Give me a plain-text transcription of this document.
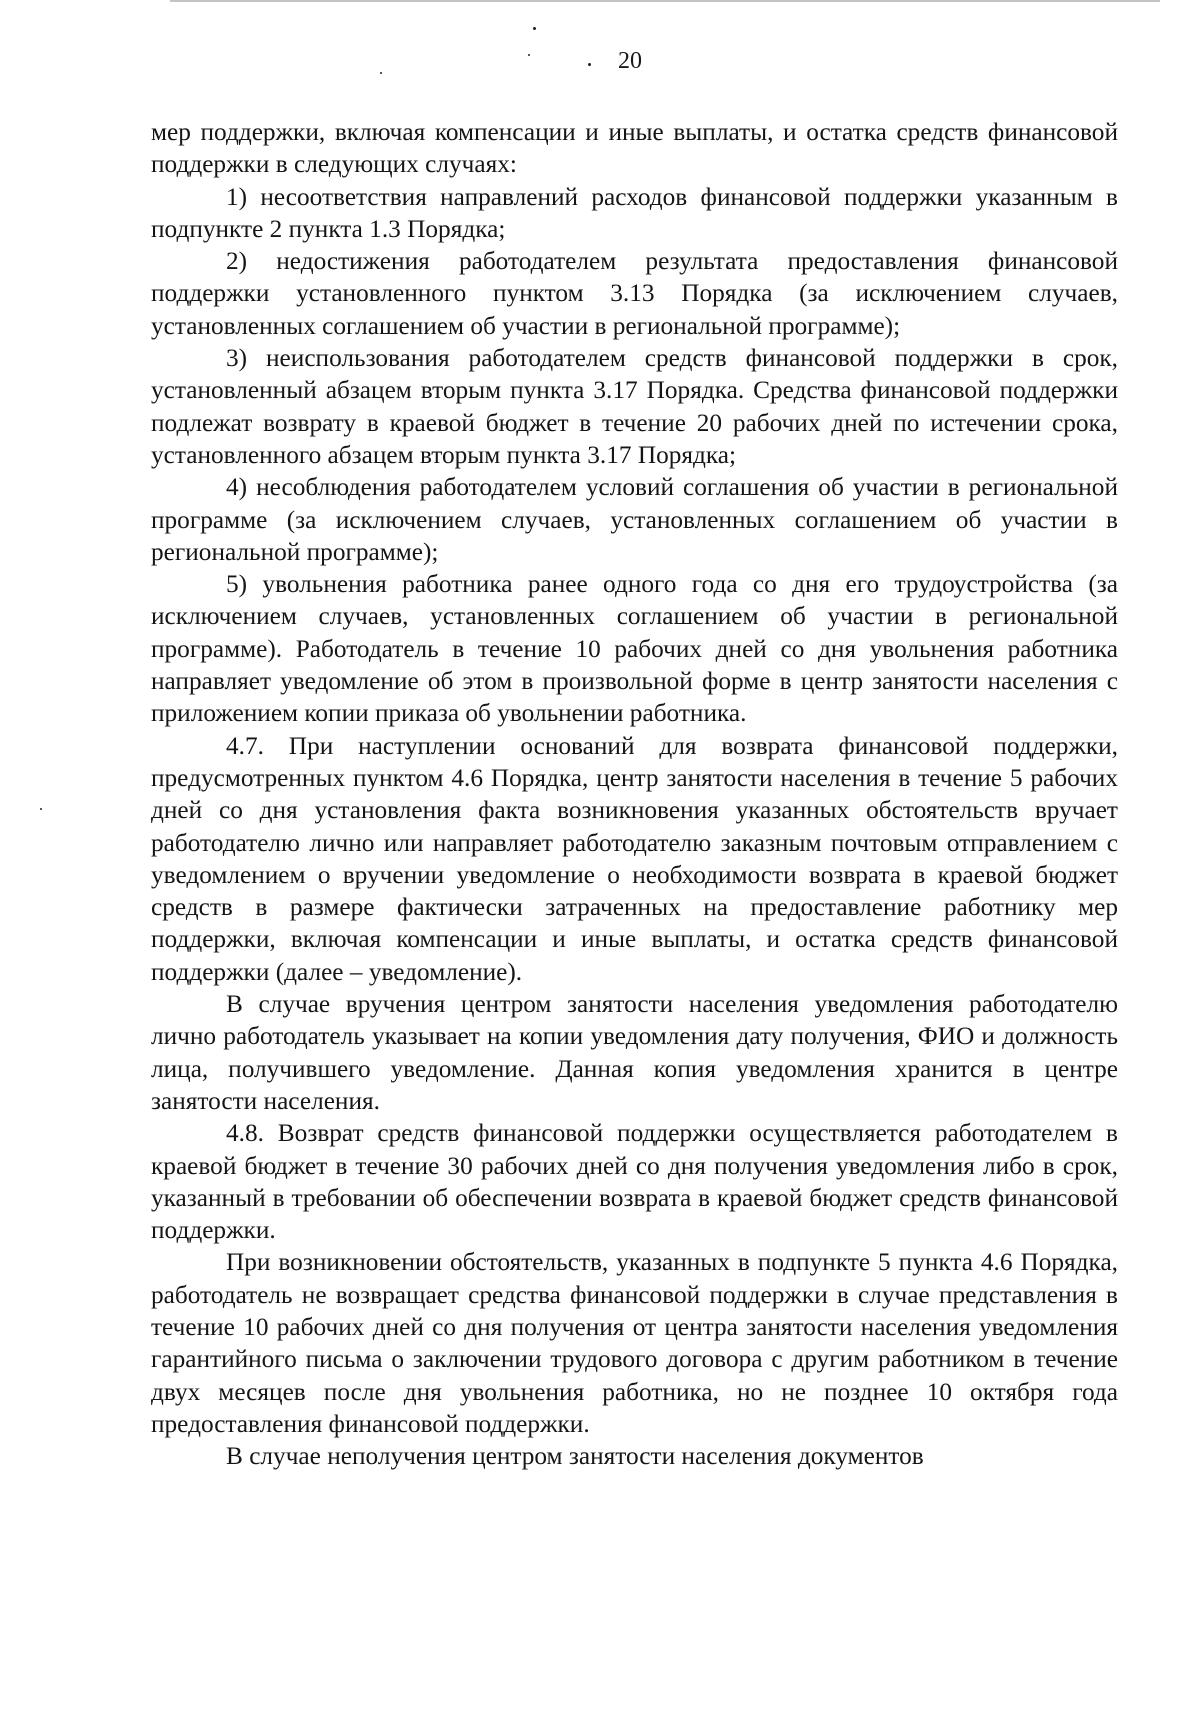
20

мер поддержки, включая компенсации и иные выплаты, и остатка средств финансовой поддержки в следующих случаях:

1) несоответствия направлений расходов финансовой поддержки указанным в подпункте 2 пункта 1.3 Порядка;

2) недостижения работодателем результата предоставления финансовой поддержки установленного пунктом 3.13 Порядка (за исключением случаев, установленных соглашением об участии в региональной программе);

3) неиспользования работодателем средств финансовой поддержки в срок, установленный абзацем вторым пункта 3.17 Порядка. Средства финансовой поддержки подлежат возврату в краевой бюджет в течение 20 рабочих дней по истечении срока, установленного абзацем вторым пункта 3.17 Порядка;

4) несоблюдения работодателем условий соглашения об участии в региональной программе (за исключением случаев, установленных соглашением об участии в региональной программе);

5) увольнения работника ранее одного года со дня его трудоустройства (за исключением случаев, установленных соглашением об участии в региональной программе). Работодатель в течение 10 рабочих дней со дня увольнения работника направляет уведомление об этом в произвольной форме в центр занятости населения с приложением копии приказа об увольнении работника.

4.7. При наступлении оснований для возврата финансовой поддержки, предусмотренных пунктом 4.6 Порядка, центр занятости населения в течение 5 рабочих дней со дня установления факта возникновения указанных обстоятельств вручает работодателю лично или направляет работодателю заказным почтовым отправлением с уведомлением о вручении уведомление о необходимости возврата в краевой бюджет средств в размере фактически затраченных на предоставление работнику мер поддержки, включая компенсации и иные выплаты, и остатка средств финансовой поддержки (далее – уведомление).

В случае вручения центром занятости населения уведомления работодателю лично работодатель указывает на копии уведомления дату получения, ФИО и должность лица, получившего уведомление. Данная копия уведомления хранится в центре занятости населения.

4.8. Возврат средств финансовой поддержки осуществляется работодателем в краевой бюджет в течение 30 рабочих дней со дня получения уведомления либо в срок, указанный в требовании об обеспечении возврата в краевой бюджет средств финансовой поддержки.

При возникновении обстоятельств, указанных в подпункте 5 пункта 4.6 Порядка, работодатель не возвращает средства финансовой поддержки в случае представления в течение 10 рабочих дней со дня получения от центра занятости населения уведомления гарантийного письма о заключении трудового договора с другим работником в течение двух месяцев после дня увольнения работника, но не позднее 10 октября года предоставления финансовой поддержки.

В случае неполучения центром занятости населения документов
